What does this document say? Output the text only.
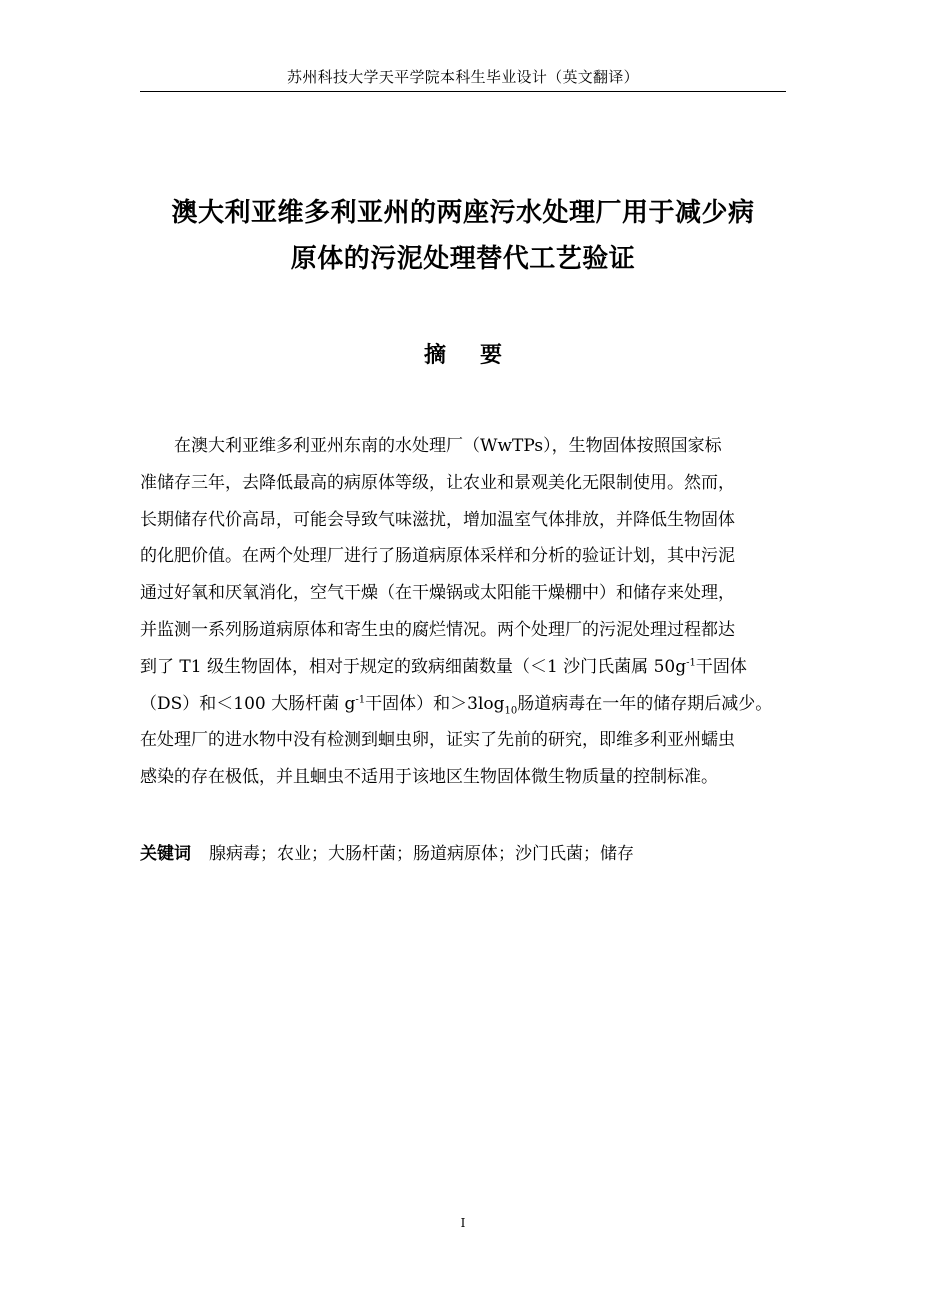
苏州科技大学天平学院本科生毕业设计（英文翻译）
澳大利亚维多利亚州的两座污水处理厂用于减少病
原体的污泥处理替代工艺验证
摘要
在澳大利亚维多利亚州东南的水处理厂（WwTPs），生物固体按照国家标
准储存三年，去降低最高的病原体等级，让农业和景观美化无限制使用。然而，
长期储存代价高昂，可能会导致气味滋扰，增加温室气体排放，并降低生物固体
的化肥价值。在两个处理厂进行了肠道病原体采样和分析的验证计划，其中污泥
通过好氧和厌氧消化，空气干燥（在干燥锅或太阳能干燥棚中）和储存来处理，
并监测一系列肠道病原体和寄生虫的腐烂情况。两个处理厂的污泥处理过程都达
到了 T1 级生物固体，相对于规定的致病细菌数量（＜1 沙门氏菌属 $50g^{-1}$干固体
（DS）和＜100 大肠杆菌 $g^{-1}$干固体）和$>3\log_{10}$肠道病毒在一年的储存期后减少。
在处理厂的进水物中没有检测到蛔虫卵，证实了先前的研究，即维多利亚州蠕虫
感染的存在极低，并且蛔虫不适用于该地区生物固体微生物质量的控制标准。
关键词 腺病毒；农业；大肠杆菌；肠道病原体；沙门氏菌；储存
I
